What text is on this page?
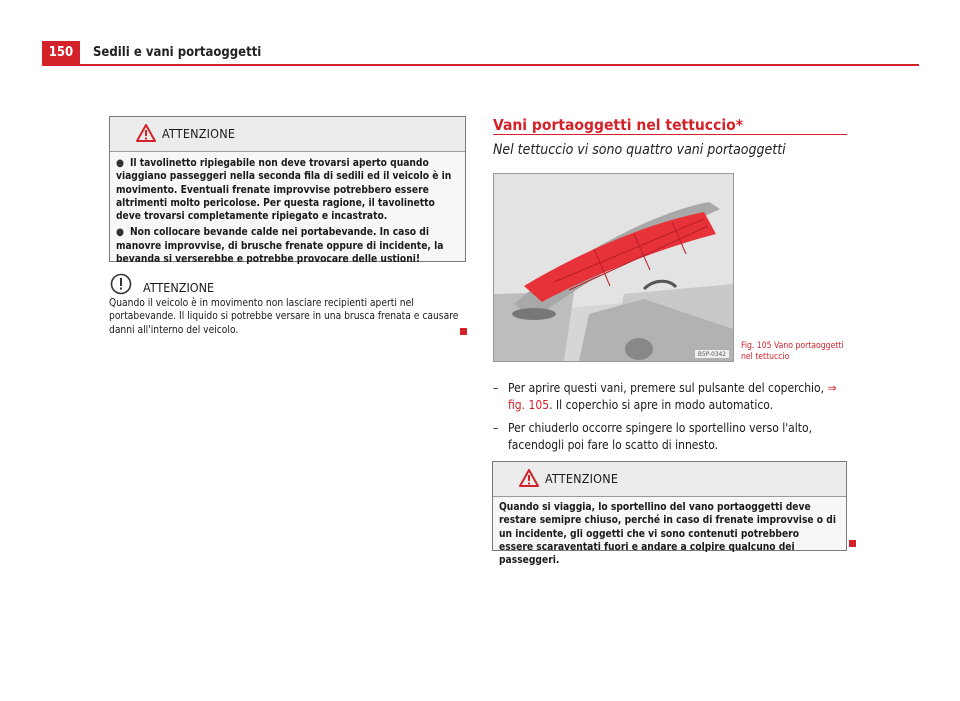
150	Sedili e vani portaoggetti
ATTENZIONE

● Il tavolinetto ripiegabile non deve trovarsi aperto quando viaggiano passeggeri nella seconda fila di sedili ed il veicolo è in movimento. Eventuali frenate improvvise potrebbero essere altrimenti molto pericolose. Per questa ragione, il tavolinetto deve trovarsi completamente ripiegato e incastrato.

● Non collocare bevande calde nei portabevande. In caso di manovre improvvise, di brusche frenate oppure di incidente, la bevanda si verserebbe e potrebbe provocare delle ustioni!

ATTENZIONE
Quando il veicolo è in movimento non lasciare recipienti aperti nel portabevande. Il liquido si potrebbe versare in una brusca frenata e causare danni all'interno del veicolo.
Vani portaoggetti nel tettuccio*
Nel tettuccio vi sono quattro vani portaoggetti
B5P-0342
Fig. 105 Vano portaoggetti nel tettuccio
– Per aprire questi vani, premere sul pulsante del coperchio, ⇒ fig. 105. Il coperchio si apre in modo automatico.
– Per chiuderlo occorre spingere lo sportellino verso l'alto, facendogli poi fare lo scatto di innesto.
ATTENZIONE

Quando si viaggia, lo sportellino del vano portaoggetti deve restare semipre chiuso, perché in caso di frenate improvvise o di un incidente, gli oggetti che vi sono contenuti potrebbero essere scaraventati fuori e andare a colpire qualcuno dei passeggeri.
